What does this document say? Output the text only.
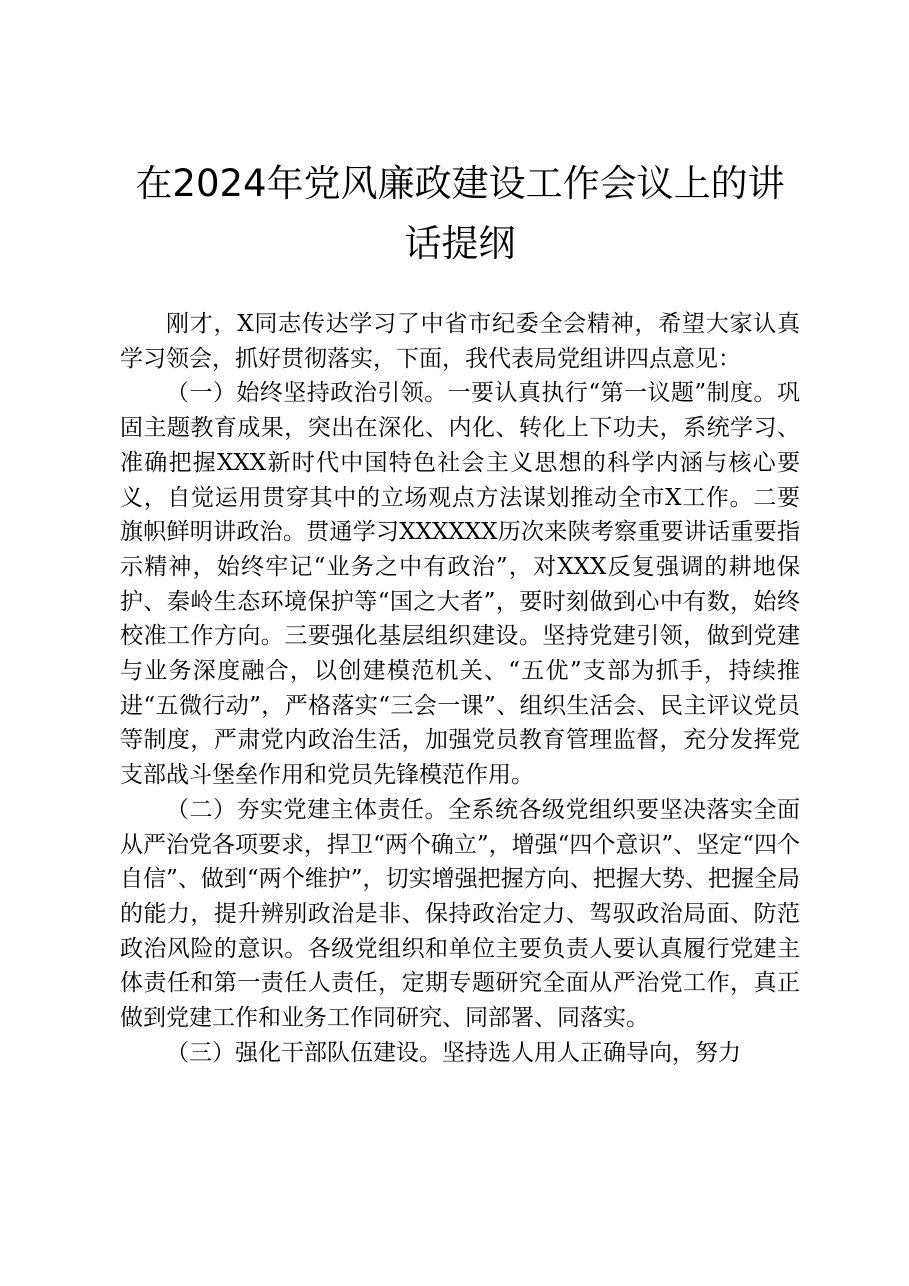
在2024年党风廉政建设工作会议上的讲话提纲

刚才，X同志传达学习了中省市纪委全会精神，希望大家认真学习领会，抓好贯彻落实，下面，我代表局党组讲四点意见：

（一）始终坚持政治引领。一要认真执行“第一议题”制度。巩固主题教育成果，突出在深化、内化、转化上下功夫，系统学习、准确把握XXX新时代中国特色社会主义思想的科学内涵与核心要义，自觉运用贯穿其中的立场观点方法谋划推动全市X工作。二要旗帜鲜明讲政治。贯通学习XXXXXX历次来陕考察重要讲话重要指示精神，始终牢记“业务之中有政治”，对XXX反复强调的耕地保护、秦岭生态环境保护等“国之大者”，要时刻做到心中有数，始终校准工作方向。三要强化基层组织建设。坚持党建引领，做到党建与业务深度融合，以创建模范机关、“五优”支部为抓手，持续推进“五微行动”，严格落实“三会一课”、组织生活会、民主评议党员等制度，严肃党内政治生活，加强党员教育管理监督，充分发挥党支部战斗堡垒作用和党员先锋模范作用。

（二）夯实党建主体责任。全系统各级党组织要坚决落实全面从严治党各项要求，捍卫“两个确立”，增强“四个意识”、坚定“四个自信”、做到“两个维护”，切实增强把握方向、把握大势、把握全局的能力，提升辨别政治是非、保持政治定力、驾驭政治局面、防范政治风险的意识。各级党组织和单位主要负责人要认真履行党建主体责任和第一责任人责任，定期专题研究全面从严治党工作，真正做到党建工作和业务工作同研究、同部署、同落实。

（三）强化干部队伍建设。坚持选人用人正确导向，努力
